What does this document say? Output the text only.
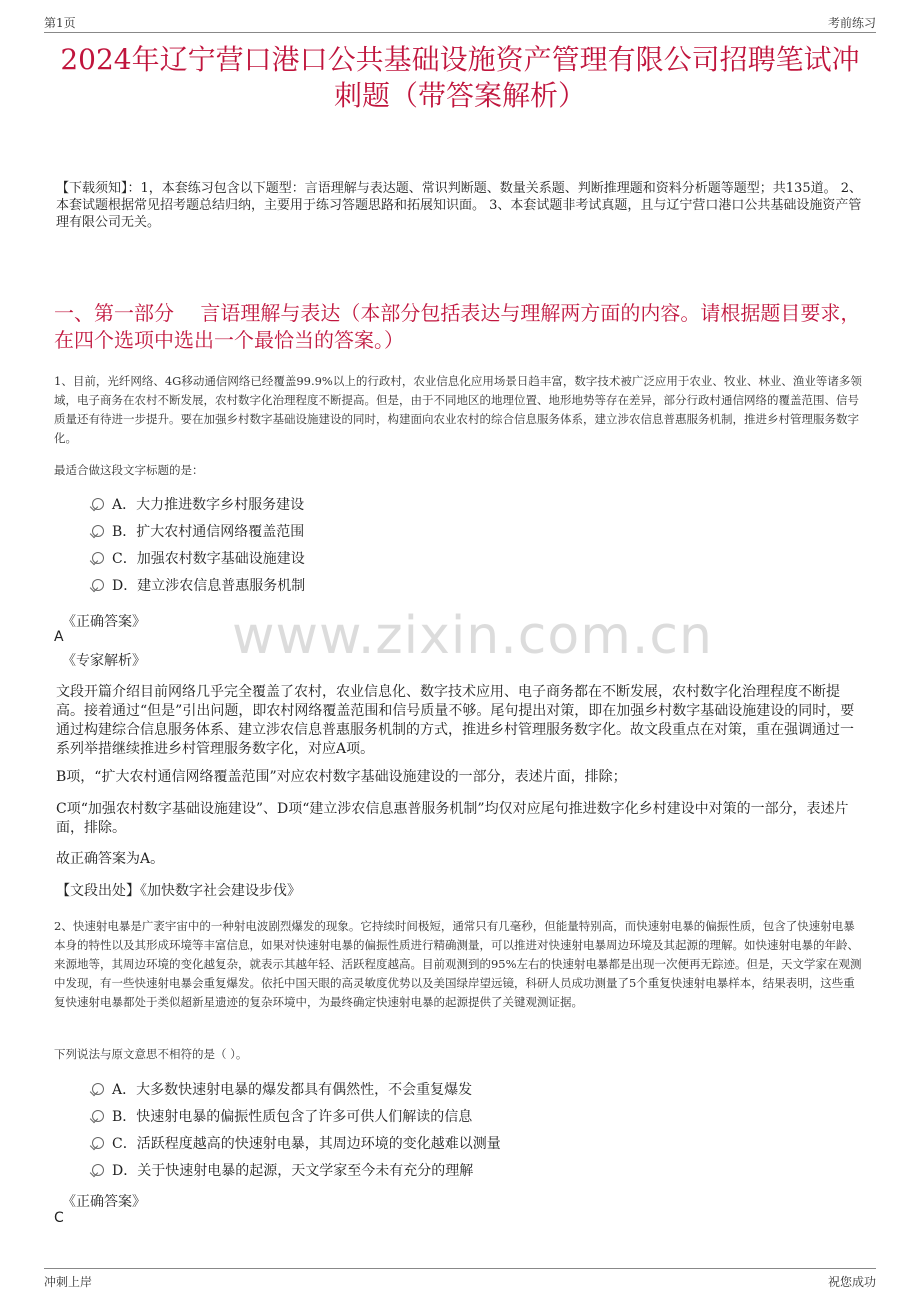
第1页	考前练习
2024年辽宁营口港口公共基础设施资产管理有限公司招聘笔试冲刺题（带答案解析）
【下载须知】：1，本套练习包含以下题型：言语理解与表达题、常识判断题、数量关系题、判断推理题和资料分析题等题型；共135道。 2、本套试题根据常见招考题总结归纳，主要用于练习答题思路和拓展知识面。 3、本套试题非考试真题，且与辽宁营口港口公共基础设施资产管理有限公司无关。
一、第一部分　 言语理解与表达（本部分包括表达与理解两方面的内容。请根据题目要求，在四个选项中选出一个最恰当的答案。）
1、目前，光纤网络、4G移动通信网络已经覆盖99.9%以上的行政村，农业信息化应用场景日趋丰富，数字技术被广泛应用于农业、牧业、林业、渔业等诸多领域，电子商务在农村不断发展，农村数字化治理程度不断提高。但是，由于不同地区的地理位置、地形地势等存在差异，部分行政村通信网络的覆盖范围、信号质量还有待进一步提升。要在加强乡村数字基础设施建设的同时，构建面向农业农村的综合信息服务体系，建立涉农信息普惠服务机制，推进乡村管理服务数字化。
最适合做这段文字标题的是：
A．大力推进数字乡村服务建设
B．扩大农村通信网络覆盖范围
C．加强农村数字基础设施建设
D．建立涉农信息普惠服务机制
《正确答案》
A
《专家解析》 www.zixin.com.cn
文段开篇介绍目前网络几乎完全覆盖了农村，农业信息化、数字技术应用、电子商务都在不断发展，农村数字化治理程度不断提高。接着通过“但是”引出问题，即农村网络覆盖范围和信号质量不够。尾句提出对策，即在加强乡村数字基础设施建设的同时，要通过构建综合信息服务体系、建立涉农信息普惠服务机制的方式，推进乡村管理服务数字化。故文段重点在对策，重在强调通过一系列举措继续推进乡村管理服务数字化，对应A项。
B项，“扩大农村通信网络覆盖范围”对应农村数字基础设施建设的一部分，表述片面，排除；
C项“加强农村数字基础设施建设”、D项“建立涉农信息惠普服务机制”均仅对应尾句推进数字化乡村建设中对策的一部分，表述片面，排除。
故正确答案为A。
【文段出处】《加快数字社会建设步伐》
2、快速射电暴是广袤宇宙中的一种射电波剧烈爆发的现象。它持续时间极短，通常只有几毫秒，但能量特别高，而快速射电暴的偏振性质，包含了快速射电暴本身的特性以及其形成环境等丰富信息，如果对快速射电暴的偏振性质进行精确测量，可以推进对快速射电暴周边环境及其起源的理解。如快速射电暴的年龄、来源地等，其周边环境的变化越复杂，就表示其越年轻、活跃程度越高。目前观测到的95%左右的快速射电暴都是出现一次便再无踪迹。但是，天文学家在观测中发现，有一些快速射电暴会重复爆发。依托中国天眼的高灵敏度优势以及美国绿岸望远镜，科研人员成功测量了5个重复快速射电暴样本，结果表明，这些重复快速射电暴都处于类似超新星遗迹的复杂环境中，为最终确定快速射电暴的起源提供了关键观测证据。
下列说法与原文意思不相符的是（ ）。
A．大多数快速射电暴的爆发都具有偶然性，不会重复爆发
B．快速射电暴的偏振性质包含了许多可供人们解读的信息
C．活跃程度越高的快速射电暴，其周边环境的变化越难以测量
D．关于快速射电暴的起源，天文学家至今未有充分的理解
《正确答案》
C
冲刺上岸	祝您成功
